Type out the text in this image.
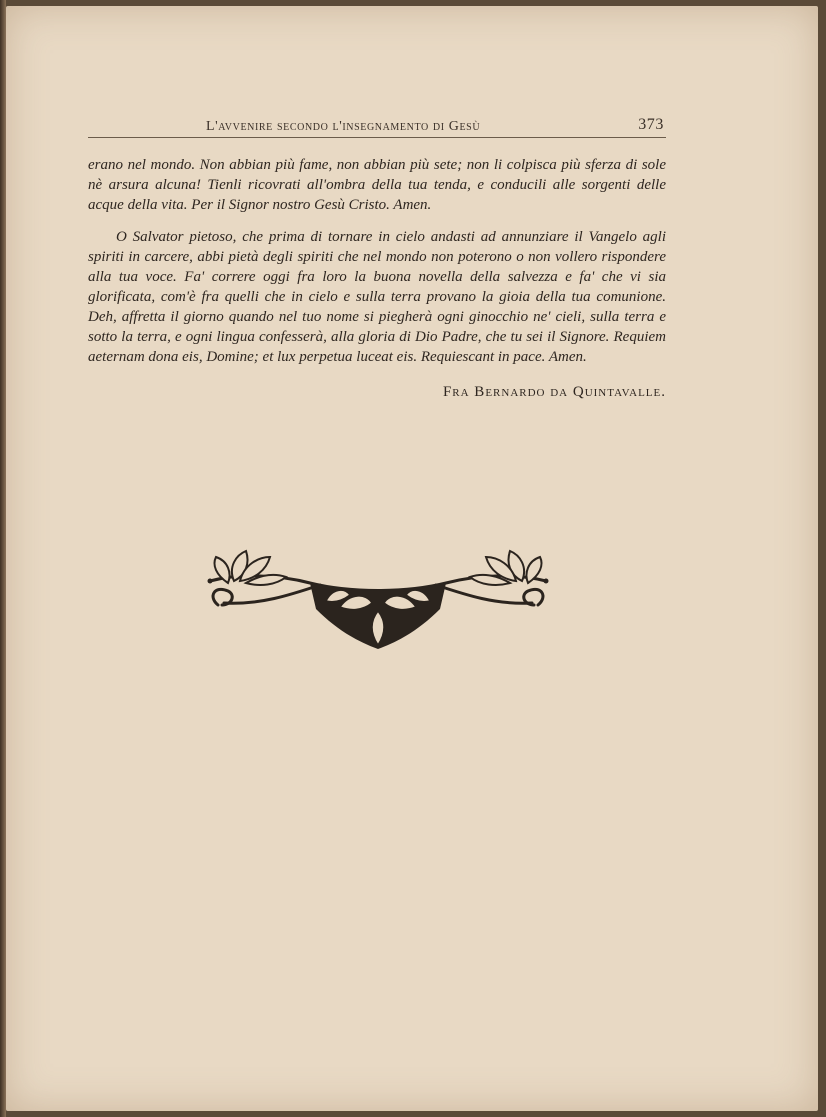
L'avvenire secondo l'insegnamento di Gesù	373

erano nel mondo. Non abbian più fame, non abbian più sete; non li colpisca più sferza di sole nè arsura alcuna! Tienli ricovrati all'ombra della tua tenda, e conducili alle sorgenti delle acque della vita. Per il Signor nostro Gesù Cristo. Amen.

O Salvator pietoso, che prima di tornare in cielo andasti ad annunziare il Vangelo agli spiriti in carcere, abbi pietà degli spiriti che nel mondo non poterono o non vollero rispondere alla tua voce. Fa' correre oggi fra loro la buona novella della salvezza e fa' che vi sia glorificata, com'è fra quelli che in cielo e sulla terra provano la gioia della tua comunione. Deh, affretta il giorno quando nel tuo nome si piegherà ogni ginocchio ne' cieli, sulla terra e sotto la terra, e ogni lingua confesserà, alla gloria di Dio Padre, che tu sei il Signore. Requiem aeternam dona eis, Domine; et lux perpetua luceat eis. Requiescant in pace. Amen.

Fra Bernardo da Quintavalle.
